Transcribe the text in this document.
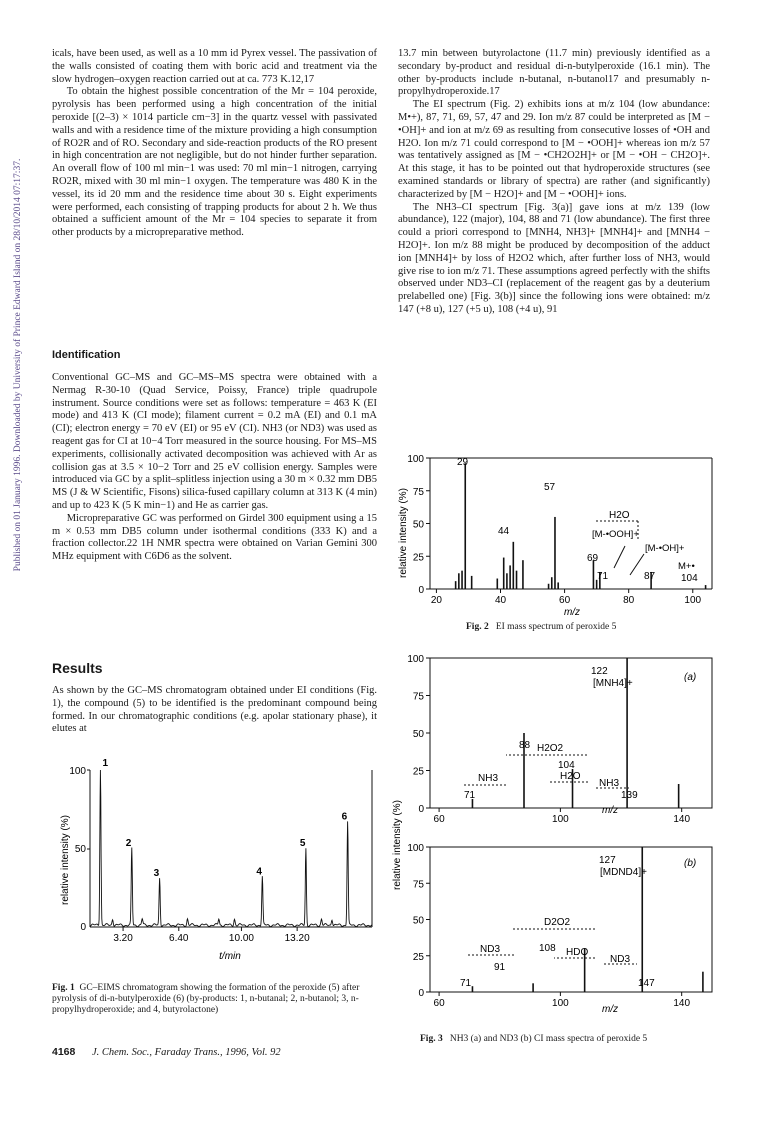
Published on 01 January 1996. Downloaded by University of Prince Edward Island on 28/10/2014 07:17:37.

icals, have been used, as well as a 10 mm id Pyrex vessel. The passivation of the walls consisted of coating them with boric acid and treatment via the slow hydrogen–oxygen reaction carried out at ca. 773 K.12,17

To obtain the highest possible concentration of the Mr = 104 peroxide, pyrolysis has been performed using a high concentration of the initial peroxide [(2–3) × 1014 particle cm−3] in the quartz vessel with passivated walls and with a residence time of the mixture providing a high consumption of RO2R and of RO. Secondary and side-reaction products of the RO present in high concentration are not negligible, but do not hinder further separation. An overall flow of 100 ml min−1 was used: 70 ml min−1 nitrogen, carrying RO2R, mixed with 30 ml min−1 oxygen. The temperature was 480 K in the vessel, its id 20 mm and the residence time about 30 s. Eight experiments were performed, each consisting of trapping products for about 2 h. We thus obtained a sufficient amount of the Mr = 104 species to separate it from other products by a micropreparative method.

Identification

Conventional GC–MS and GC–MS–MS spectra were obtained with a Nermag R-30-10 (Quad Service, Poissy, France) triple quadrupole instrument. Source conditions were set as follows: temperature = 463 K (EI mode) and 413 K (CI mode); filament current = 0.2 mA (EI) and 0.1 mA (CI); electron energy = 70 eV (EI) or 95 eV (CI). NH3 (or ND3) was used as reagent gas for CI at 10−4 Torr measured in the source housing. For MS–MS experiments, collisionally activated decomposition was achieved with Ar as collision gas at 3.5 × 10−2 Torr and 25 eV collision energy. Samples were introduced via GC by a split–splitless injection using a 30 m × 0.32 mm DB5 MS (J & W Scientific, Fisons) silica-fused capillary column at 313 K (4 min) and up to 423 K (5 K min−1) and He as carrier gas.

Micropreparative GC was performed on Girdel 300 equipment using a 15 m × 0.53 mm DB5 column under isothermal conditions (333 K) and a fraction collector.22 1H NMR spectra were obtained on Varian Gemini 300 MHz equipment with C6D6 as the solvent.

Results
As shown by the GC–MS chromatogram obtained under EI conditions (Fig. 1), the compound (5) to be identified is the predominant compound being formed. In our chromatographic conditions (e.g. apolar stationary phase), it elutes at

13.7 min between butyrolactone (11.7 min) previously identified as a secondary by-product and residual di-n-butylperoxide (16.1 min). The other by-products include n-butanal, n-butanol17 and presumably n-propylhydroperoxide.17

The EI spectrum (Fig. 2) exhibits ions at m/z 104 (low abundance: M•+), 87, 71, 69, 57, 47 and 29. Ion m/z 87 could be interpreted as [M − •OH]+ and ion at m/z 69 as resulting from consecutive losses of •OH and H2O. Ion m/z 71 could correspond to [M − •OOH]+ whereas ion m/z 57 was tentatively assigned as [M − •CH2O2H]+ or [M − •OH − CH2O]+. At this stage, it has to be pointed out that hydroperoxide structures (see examined standards or library of spectra) are rather (and significantly) characterized by [M − H2O]+ and [M − •OOH]+ ions.

The NH3–CI spectrum [Fig. 3(a)] gave ions at m/z 139 (low abundance), 122 (major), 104, 88 and 71 (low abundance). The first three could a priori correspond to [MNH4, NH3]+ [MNH4]+ and [MNH4 − H2O]+. Ion m/z 88 might be produced by decomposition of the adduct ion [MNH4]+ by loss of H2O2 which, after further loss of NH3, would give rise to ion m/z 71. These assumptions agreed perfectly with the shifts observed under ND3–CI (replacement of the reagent gas by a deuterium prelabelled one) [Fig. 3(b)] since the following ions were obtained: m/z 147 (+8 u), 127 (+5 u), 108 (+4 u), 91

relative intensity (%)
100
50
0
1
2
3	4
5
6
3.20	6.40	10.00	13.20
t/min
Fig. 1 GC–EIMS chromatogram showing the formation of the peroxide (5) after pyrolysis of di-n-butylperoxide (6) (by-products: 1, n-butanal; 2, n-butanol; 3, n-propylhydroperoxide; and 4, butyrolactone)
relative intensity (%)
0
25
50
75
100
20	40	60	80	100
H2O
[M-•OOH]+
[M-•OH]+
M+•
69
71	87	104
57
44
29
m/z
Fig. 2 EI mass spectrum of peroxide 5
relative intensity (%) 0
25
50
75
100
60	100	140
m/z
(a)
[MNH4]+
H2O2
NH3	H2O
NH3
88
104
71	139
122
0
25
50
75
100
60	100	140
m/z
(b)
[MDND4]+
D2O2
ND3	HDO
ND3
108
91
71	147
127
Fig. 3 NH3 (a) and ND3 (b) CI mass spectra of peroxide 5
4168 J. Chem. Soc., Faraday Trans., 1996, Vol. 92
